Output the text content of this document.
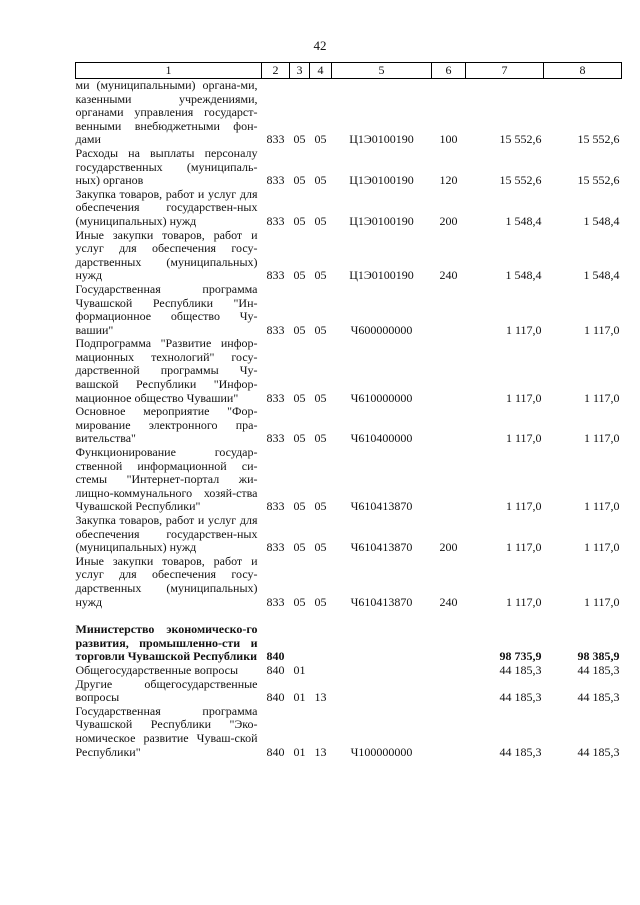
42
1	2	3	4	5	6	7	8
ми (муниципальными) органа-ми, казенными учреждениями, органами управления государст-венными внебюджетными фон-дами	833	05	05	Ц1Э0100190	100	15 552,6	15 552,6
Расходы на выплаты персоналу государственных (муниципаль-ных) органов	833	05	05	Ц1Э0100190	120	15 552,6	15 552,6
Закупка товаров, работ и услуг для обеспечения государствен-ных (муниципальных) нужд	833	05	05	Ц1Э0100190	200	1 548,4	1 548,4
Иные закупки товаров, работ и услуг для обеспечения госу-дарственных (муниципальных) нужд	833	05	05	Ц1Э0100190	240	1 548,4	1 548,4
Государственная программа Чувашской Республики "Ин-формационное общество Чу-вашии"	833	05	05	Ч600000000		1 117,0	1 117,0
Подпрограмма "Развитие инфор-мационных технологий" госу-дарственной программы Чу-вашской Республики "Инфор-мационное общество Чувашии"	833	05	05	Ч610000000		1 117,0	1 117,0
Основное мероприятие "Фор-мирование электронного пра-вительства"	833	05	05	Ч610400000		1 117,0	1 117,0
Функционирование государ-ственной информационной си-стемы "Интернет-портал жи-лищно-коммунального хозяй-ства Чувашской Республики"	833	05	05	Ч610413870		1 117,0	1 117,0
Закупка товаров, работ и услуг для обеспечения государствен-ных (муниципальных) нужд	833	05	05	Ч610413870	200	1 117,0	1 117,0
Иные закупки товаров, работ и услуг для обеспечения госу-дарственных (муниципальных) нужд	833	05	05	Ч610413870	240	1 117,0	1 117,0

Министерство экономическо-го развития, промышленно-сти и торговли Чувашской Республики	840					98 735,9	98 385,9
Общегосударственные вопросы	840	01				44 185,3	44 185,3
Другие общегосударственные вопросы	840	01	13			44 185,3	44 185,3
Государственная программа Чувашской Республики "Эко-номическое развитие Чуваш-ской Республики"	840	01	13	Ч100000000		44 185,3	44 185,3
